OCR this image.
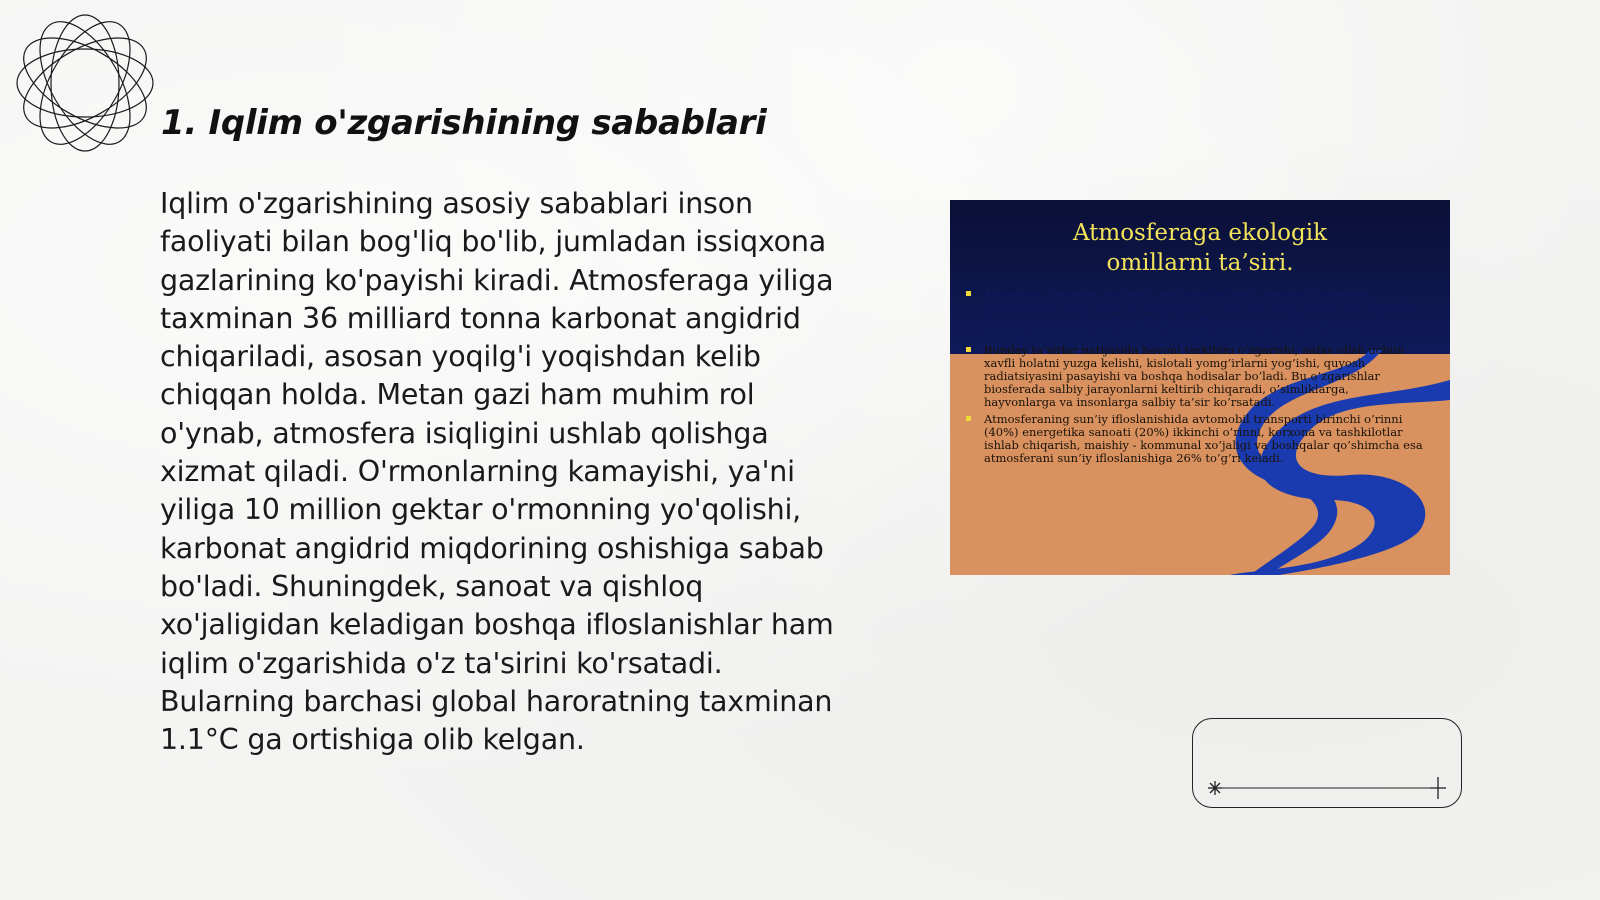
1. Iqlim o'zgarishining sabablari

Iqlim o'zgarishining asosiy sabablari inson faoliyati bilan bog'liq bo'lib, jumladan issiqxona gazlarining ko'payishi kiradi. Atmosferaga yiliga taxminan 36 milliard tonna karbonat angidrid chiqariladi, asosan yoqilg'i yoqishdan kelib chiqqan holda. Metan gazi ham muhim rol o'ynab, atmosfera isiqligini ushlab qolishga xizmat qiladi. O'rmonlarning kamayishi, ya'ni yiliga 10 million gektar o'rmonning yo'qolishi, karbonat angidrid miqdorining oshishiga sabab bo'ladi. Shuningdek, sanoat va qishloq xo'jaligidan keladigan boshqa ifloslanishlar ham iqlim o'zgarishida o'z ta'sirini ko'rsatadi. Bularning barchasi global haroratning taxminan 1.1°C ga ortishiga olib kelgan.

Atmosferaga ekologik
omillarni ta’siri.
Atmosfera havosiga ekologik omillarni ta’sirida havoni ifloslanishi, zaharlanishi, bulg’alanishi, haroratini o’zgarishi, CO2 gazini muvozanatini buzilishi, azon qatlamini siyraklashishi va unda teshiklar paydo bo’lishi, «smog» hodisasini yuz berishi, shovqin-suronni ta’siri yuz beradi.
Bunday ta’sirlar natijasida havoni tarkibini o’zgarishi, nafas olish uchun xavfli holatni yuzga kelishi, kislotali yomg’irlarni yog’ishi, quyosh radiatsiyasini pasayishi va boshqa hodisalar bo’ladi. Bu o’zgarishlar biosferada salbiy jarayonlarni keltirib chiqaradi, o’simliklarga, hayvonlarga va insonlarga salbiy ta’sir ko’rsatadi.
Atmosferaning sun’iy ifloslanishida avtomobil transporti birinchi o’rinni (40%) energetika sanoati (20%) ikkinchi o’rinni, korxona va tashkilotlar ishlab chiqarish, maishiy - kommunal xo’jaligi va boshqalar qo’shimcha esa atmosferani sun’iy ifloslanishiga 26% to’g’ri keladi.
